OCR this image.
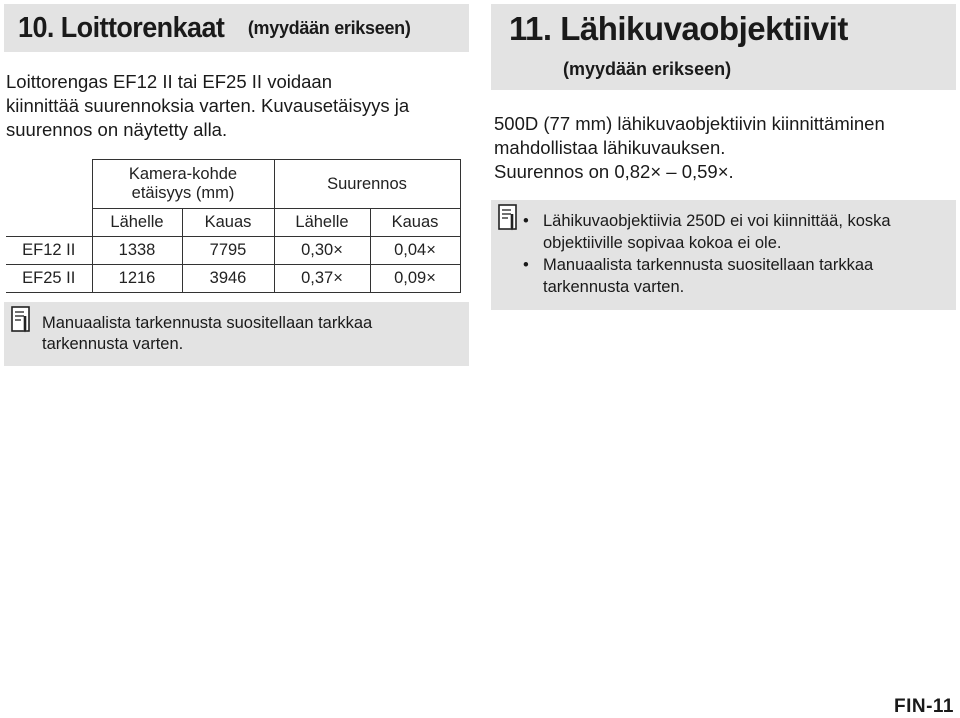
10. Loittorenkaat (myydään erikseen)
Loittorengas EF12 II tai EF25 II voidaan
kiinnittää suurennoksia varten. Kuvausetäisyys ja
suurennos on näytetty alla.

	Kamera-kohde
etäisyys (mm)		Suurennos	
	Lähelle	Kauas	Lähelle	Kauas
EF12 II	1338	7795	0,30×	0,04×
EF25 II	1216	3946	0,37×	0,09×
Manuaalista tarkennusta suositellaan tarkkaa
tarkennusta varten.
11. Lähikuvaobjektiivit
(myydään erikseen)
500D (77 mm) lähikuvaobjektiivin kiinnittäminen
mahdollistaa lähikuvauksen.
Suurennos on 0,82× – 0,59×.
• Lähikuvaobjektiivia 250D ei voi kiinnittää, koska objektiiville sopivaa kokoa ei ole.
• Manuaalista tarkennusta suositellaan tarkkaa tarkennusta varten.
FIN-11
